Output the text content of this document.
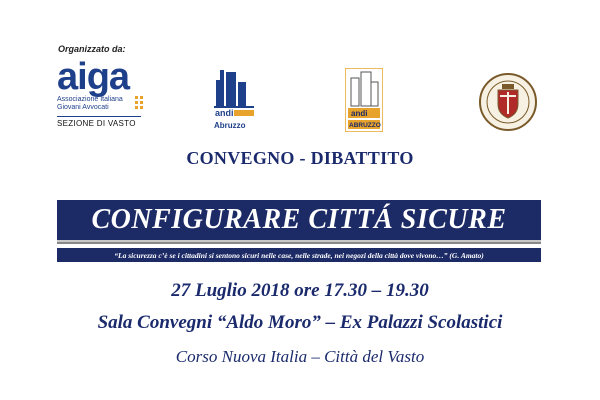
Organizzato da:
aiga
Associazione Italiana
Giovani Avvocati
SEZIONE DI VASTO
andi
Abruzzo
andi
ABRUZZO
CONVEGNO - DIBATTITO
CONFIGURARE CITTÁ SICURE
“La sicurezza c’è se i cittadini si sentono sicuri nelle case, nelle strade, nei negozi della città dove vivono…” (G. Amato)
27 Luglio 2018 ore 17.30 – 19.30
Sala Convegni “Aldo Moro” – Ex Palazzi Scolastici
Corso Nuova Italia – Città del Vasto
